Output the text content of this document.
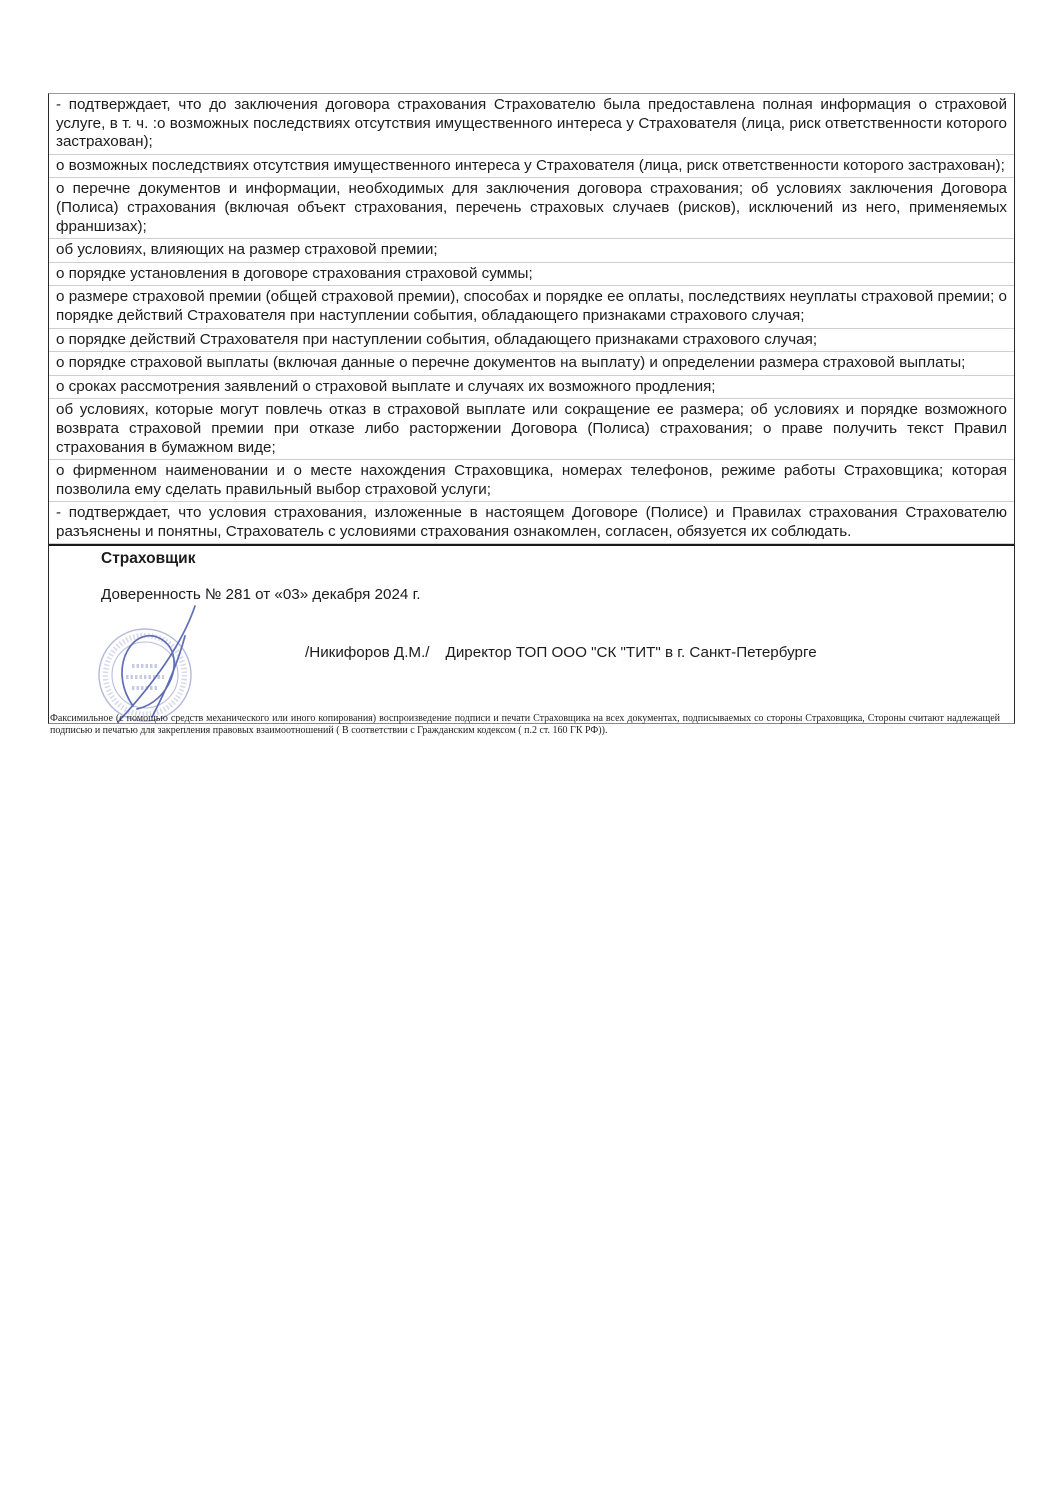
- подтверждает, что до заключения договора страхования Страхователю была предоставлена полная информация о страховой услуге, в т. ч. :о возможных последствиях отсутствия имущественного интереса у Страхователя (лица, риск ответственности которого застрахован);
о возможных последствиях отсутствия имущественного интереса у Страхователя (лица, риск ответственности которого застрахован);
о перечне документов и информации, необходимых для заключения договора страхования; об условиях заключения Договора (Полиса) страхования (включая объект страхования, перечень страховых случаев (рисков), исключений из него, применяемых франшизах);
об условиях, влияющих на размер страховой премии;
о порядке установления в договоре страхования страховой суммы;
о размере страховой премии (общей страховой премии), способах и порядке ее оплаты, последствиях неуплаты страховой премии; о порядке действий Страхователя при наступлении события, обладающего признаками страхового случая;
о порядке действий Страхователя при наступлении события, обладающего признаками страхового случая;
о порядке страховой выплаты (включая данные о перечне документов на выплату) и определении размера страховой выплаты;
о сроках рассмотрения заявлений о страховой выплате и случаях их возможного продления;
об условиях, которые могут повлечь отказ в страховой выплате или сокращение ее размера; об условиях и порядке возможного возврата страховой премии при отказе либо расторжении Договора (Полиса) страхования; о праве получить текст Правил страхования в бумажном виде;
о фирменном наименовании и о месте нахождения Страховщика, номерах телефонов, режиме работы Страховщика; которая позволила ему сделать правильный выбор страховой услуги;
- подтверждает, что условия страхования, изложенные в настоящем Договоре (Полисе) и Правилах страхования Страхователю разъяснены и понятны, Страхователь с условиями страхования ознакомлен, согласен, обязуется их соблюдать.
Страховщик
Доверенность № 281 от «03» декабря 2024 г.
/Никифоров Д.М./ Директор ТОП ООО "СК "ТИТ" в г. Санкт-Петербурге
Факсимильное (с помощью средств механического или иного копирования) воспроизведение подписи и печати Страховщика на всех документах, подписываемых со стороны Страховщика, Стороны считают надлежащей подписью и печатью для закрепления правовых взаимоотношений ( В соответствии с Гражданским кодексом ( п.2 ст. 160 ГК РФ)).
